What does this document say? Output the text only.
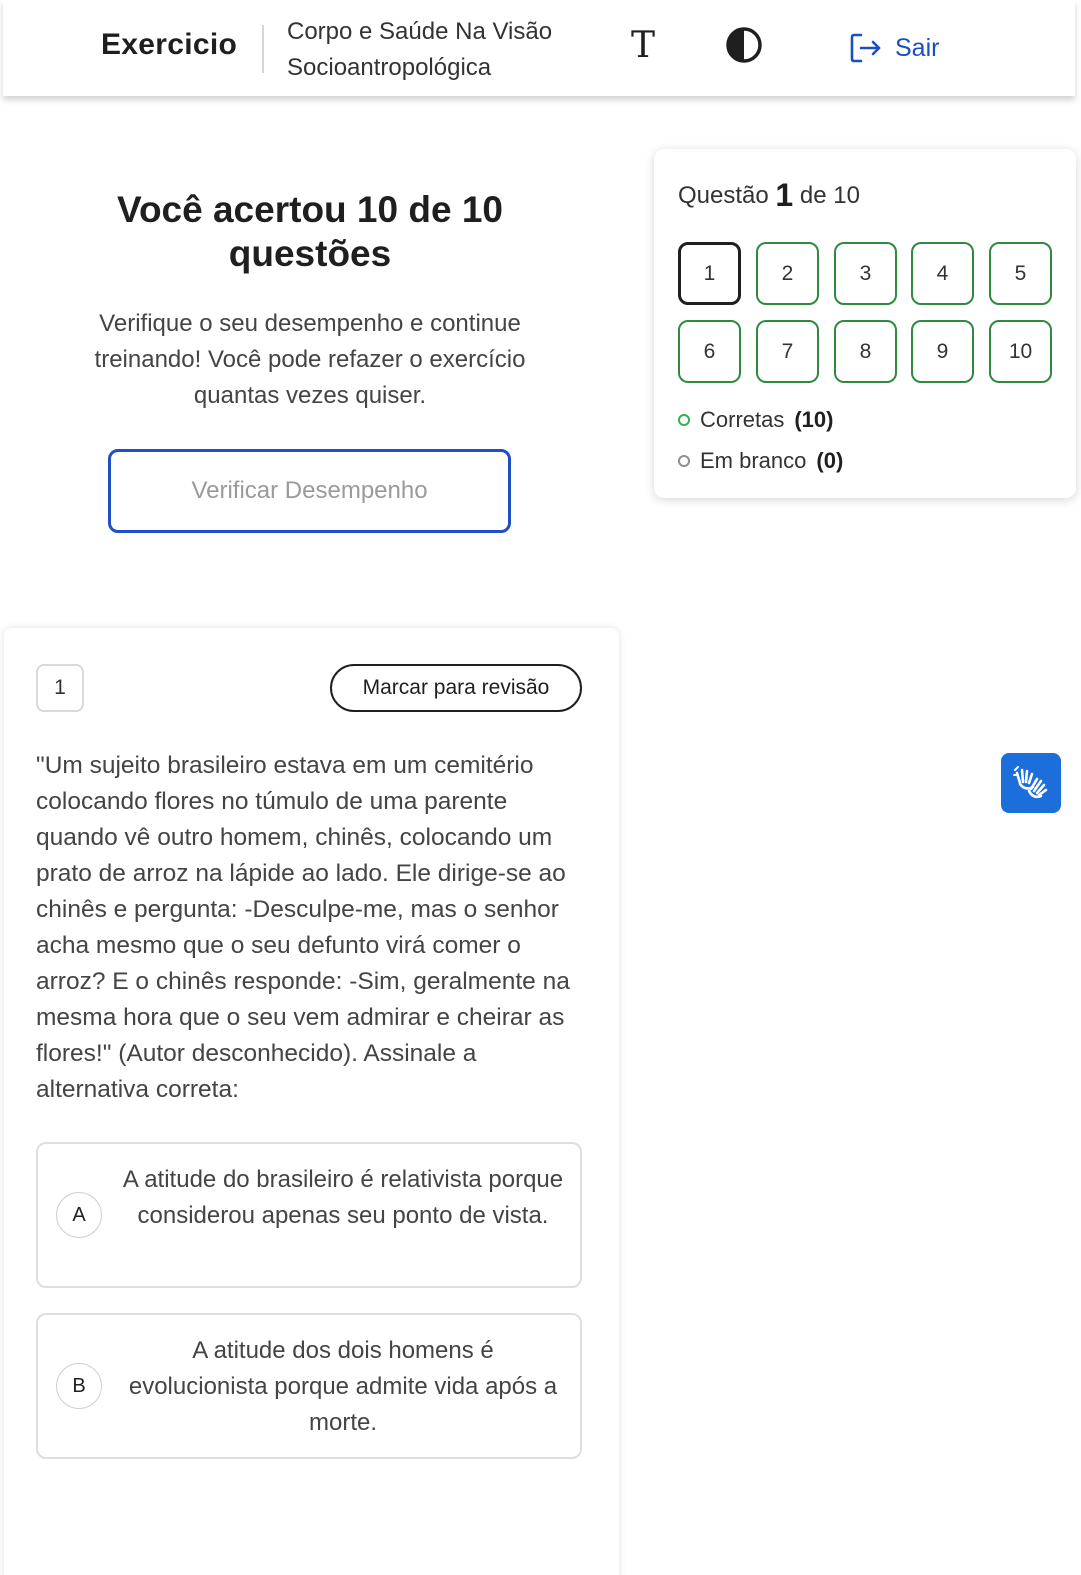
Exercicio Corpo e Saúde Na Visão Socioantropológica
T	Sair
Você acertou 10 de 10 questões
Verifique o seu desempenho e continue treinando! Você pode refazer o exercício quantas vezes quiser.
Verificar Desempenho
Questão 1 de 10
1	2	3	4	5
6	7	8	9	10
Corretas (10)
Em branco (0)
1	Marcar para revisão
"Um sujeito brasileiro estava em um cemitério colocando flores no túmulo de uma parente quando vê outro homem, chinês, colocando um prato de arroz na lápide ao lado. Ele dirige-se ao chinês e pergunta: -Desculpe-me, mas o senhor acha mesmo que o seu defunto virá comer o arroz? E o chinês responde: -Sim, geralmente na mesma hora que o seu vem admirar e cheirar as flores!" (Autor desconhecido). Assinale a alternativa correta:
A
A atitude do brasileiro é relativista porque considerou apenas seu ponto de vista.
B
A atitude dos dois homens é evolucionista porque admite vida após a morte.
